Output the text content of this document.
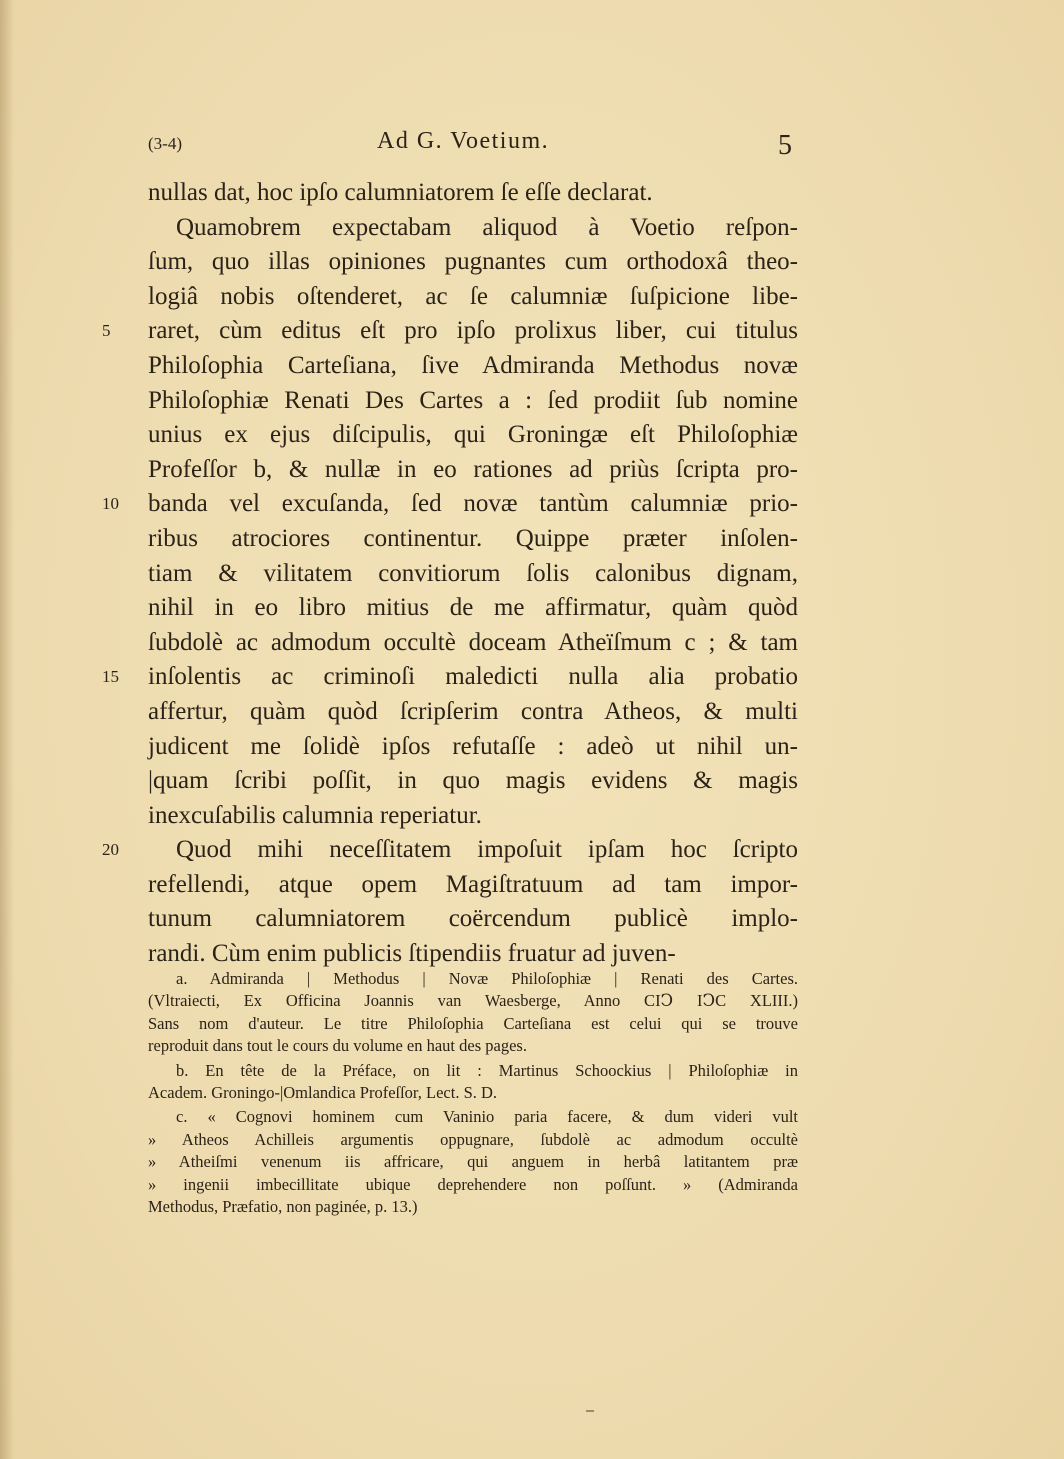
(3-4)	Ad G. Voetium.	5
nullas dat, hoc ipſo calumniatorem ſe eſſe declarat.
Quamobrem expectabam aliquod à Voetio reſpon-
ſum, quo illas opiniones pugnantes cum orthodoxâ theo-
logiâ nobis oſtenderet, ac ſe calumniæ ſuſpicione libe-
raret, cùm editus eſt pro ipſo prolixus liber, cui titulus
5
Philoſophia Carteſiana, ſive Admiranda Methodus novæ
Philoſophiæ Renati Des Cartes a : ſed prodiit ſub nomine
unius ex ejus diſcipulis, qui Groningæ eſt Philoſophiæ
Profeſſor b, & nullæ in eo rationes ad priùs ſcripta pro-
banda vel excuſanda, ſed novæ tantùm calumniæ prio-
10
ribus atrociores continentur. Quippe præter inſolen-
tiam & vilitatem convitiorum ſolis calonibus dignam,
nihil in eo libro mitius de me affirmatur, quàm quòd
ſubdolè ac admodum occultè doceam Atheïſmum c ; & tam
inſolentis ac criminoſi maledicti nulla alia probatio
15
affertur, quàm quòd ſcripſerim contra Atheos, & multi
judicent me ſolidè ipſos refutaſſe : adeò ut nihil un-
|quam ſcribi poſſit, in quo magis evidens & magis
inexcuſabilis calumnia reperiatur.
Quod mihi neceſſitatem impoſuit ipſam hoc ſcripto
20
refellendi, atque opem Magiſtratuum ad tam impor-
tunum calumniatorem coërcendum publicè implo-
randi. Cùm enim publicis ſtipendiis fruatur ad juven-
a. Admiranda | Methodus | Novæ Philoſophiæ | Renati des Cartes.
(Vltraiecti, Ex Officina Joannis van Waesberge, Anno CIↃ IↃC XLIII.)
Sans nom d'auteur. Le titre Philoſophia Carteſiana est celui qui se trouve
reproduit dans tout le cours du volume en haut des pages.
b. En tête de la Préface, on lit : Martinus Schoockius | Philoſophiæ in
Academ. Groningo-|Omlandica Profeſſor, Lect. S. D.
c. « Cognovi hominem cum Vaninio paria facere, & dum videri vult
» Atheos Achilleis argumentis oppugnare, ſubdolè ac admodum occultè
» Atheiſmi venenum iis affricare, qui anguem in herbâ latitantem præ
» ingenii imbecillitate ubique deprehendere non poſſunt. » (Admiranda
Methodus, Præfatio, non paginée, p. 13.)
